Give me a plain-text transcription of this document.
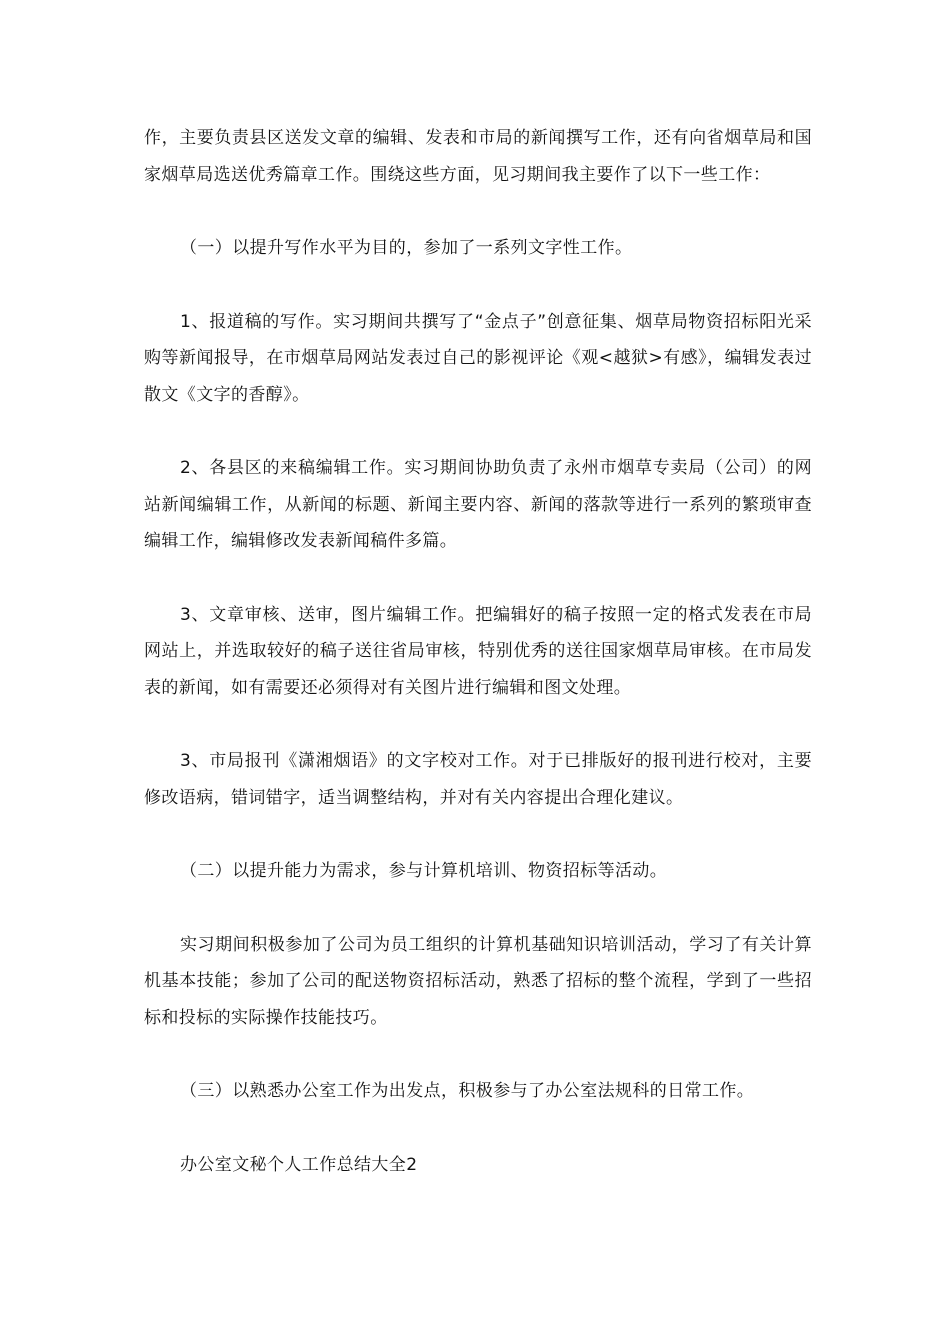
作，主要负责县区送发文章的编辑、发表和市局的新闻撰写工作，还有向省烟草局和国家烟草局选送优秀篇章工作。围绕这些方面，见习期间我主要作了以下一些工作：

（一）以提升写作水平为目的，参加了一系列文字性工作。

1、报道稿的写作。实习期间共撰写了“金点子”创意征集、烟草局物资招标阳光采购等新闻报导，在市烟草局网站发表过自己的影视评论《观<越狱>有感》，编辑发表过散文《文字的香醇》。

2、各县区的来稿编辑工作。实习期间协助负责了永州市烟草专卖局（公司）的网站新闻编辑工作，从新闻的标题、新闻主要内容、新闻的落款等进行一系列的繁琐审查编辑工作，编辑修改发表新闻稿件多篇。

3、文章审核、送审，图片编辑工作。把编辑好的稿子按照一定的格式发表在市局网站上，并选取较好的稿子送往省局审核，特别优秀的送往国家烟草局审核。在市局发表的新闻，如有需要还必须得对有关图片进行编辑和图文处理。

3、市局报刊《潇湘烟语》的文字校对工作。对于已排版好的报刊进行校对，主要修改语病，错词错字，适当调整结构，并对有关内容提出合理化建议。

（二）以提升能力为需求，参与计算机培训、物资招标等活动。

实习期间积极参加了公司为员工组织的计算机基础知识培训活动，学习了有关计算机基本技能；参加了公司的配送物资招标活动，熟悉了招标的整个流程，学到了一些招标和投标的实际操作技能技巧。

（三）以熟悉办公室工作为出发点，积极参与了办公室法规科的日常工作。

办公室文秘个人工作总结大全2
